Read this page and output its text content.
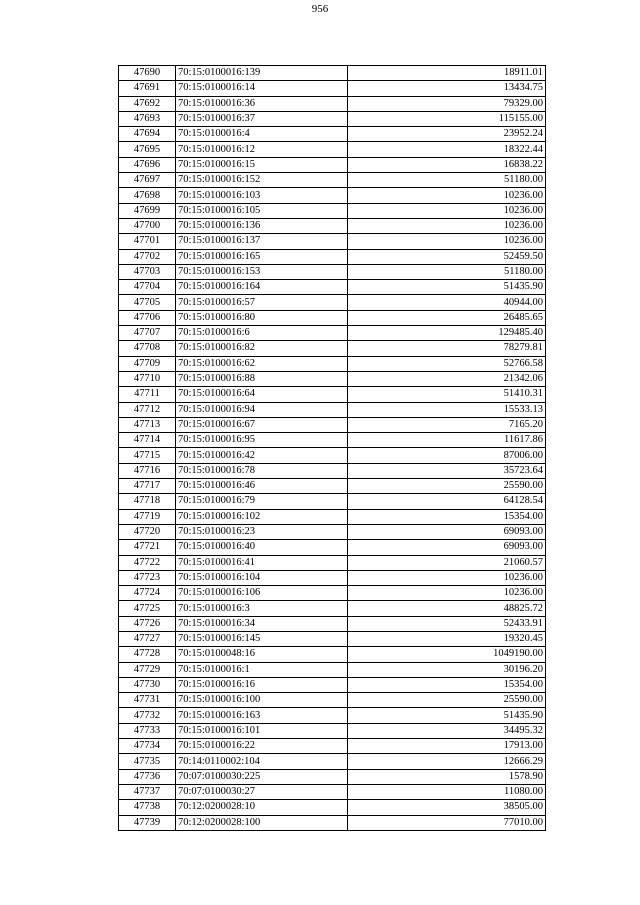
956
47690	70:15:0100016:139	18911.01
47691	70:15:0100016:14	13434.75
47692	70:15:0100016:36	79329.00
47693	70:15:0100016:37	115155.00
47694	70:15:0100016:4	23952.24
47695	70:15:0100016:12	18322.44
47696	70:15:0100016:15	16838.22
47697	70:15:0100016:152	51180.00
47698	70:15:0100016:103	10236.00
47699	70:15:0100016:105	10236.00
47700	70:15:0100016:136	10236.00
47701	70:15:0100016:137	10236.00
47702	70:15:0100016:165	52459.50
47703	70:15:0100016:153	51180.00
47704	70:15:0100016:164	51435.90
47705	70:15:0100016:57	40944.00
47706	70:15:0100016:80	26485.65
47707	70:15:0100016:6	129485.40
47708	70:15:0100016:82	78279.81
47709	70:15:0100016:62	52766.58
47710	70:15:0100016:88	21342.06
47711	70:15:0100016:64	51410.31
47712	70:15:0100016:94	15533.13
47713	70:15:0100016:67	7165.20
47714	70:15:0100016:95	11617.86
47715	70:15:0100016:42	87006.00
47716	70:15:0100016:78	35723.64
47717	70:15:0100016:46	25590.00
47718	70:15:0100016:79	64128.54
47719	70:15:0100016:102	15354.00
47720	70:15:0100016:23	69093.00
47721	70:15:0100016:40	69093.00
47722	70:15:0100016:41	21060.57
47723	70:15:0100016:104	10236.00
47724	70:15:0100016:106	10236.00
47725	70:15:0100016:3	48825.72
47726	70:15:0100016:34	52433.91
47727	70:15:0100016:145	19320.45
47728	70:15:0100048:16	1049190.00
47729	70:15:0100016:1	30196.20
47730	70:15:0100016:16	15354.00
47731	70:15:0100016:100	25590.00
47732	70:15:0100016:163	51435.90
47733	70:15:0100016:101	34495.32
47734	70:15:0100016:22	17913.00
47735	70:14:0110002:104	12666.29
47736	70:07:0100030:225	1578.90
47737	70:07:0100030:27	11080.00
47738	70:12:0200028:10	38505.00
47739	70:12:0200028:100	77010.00
